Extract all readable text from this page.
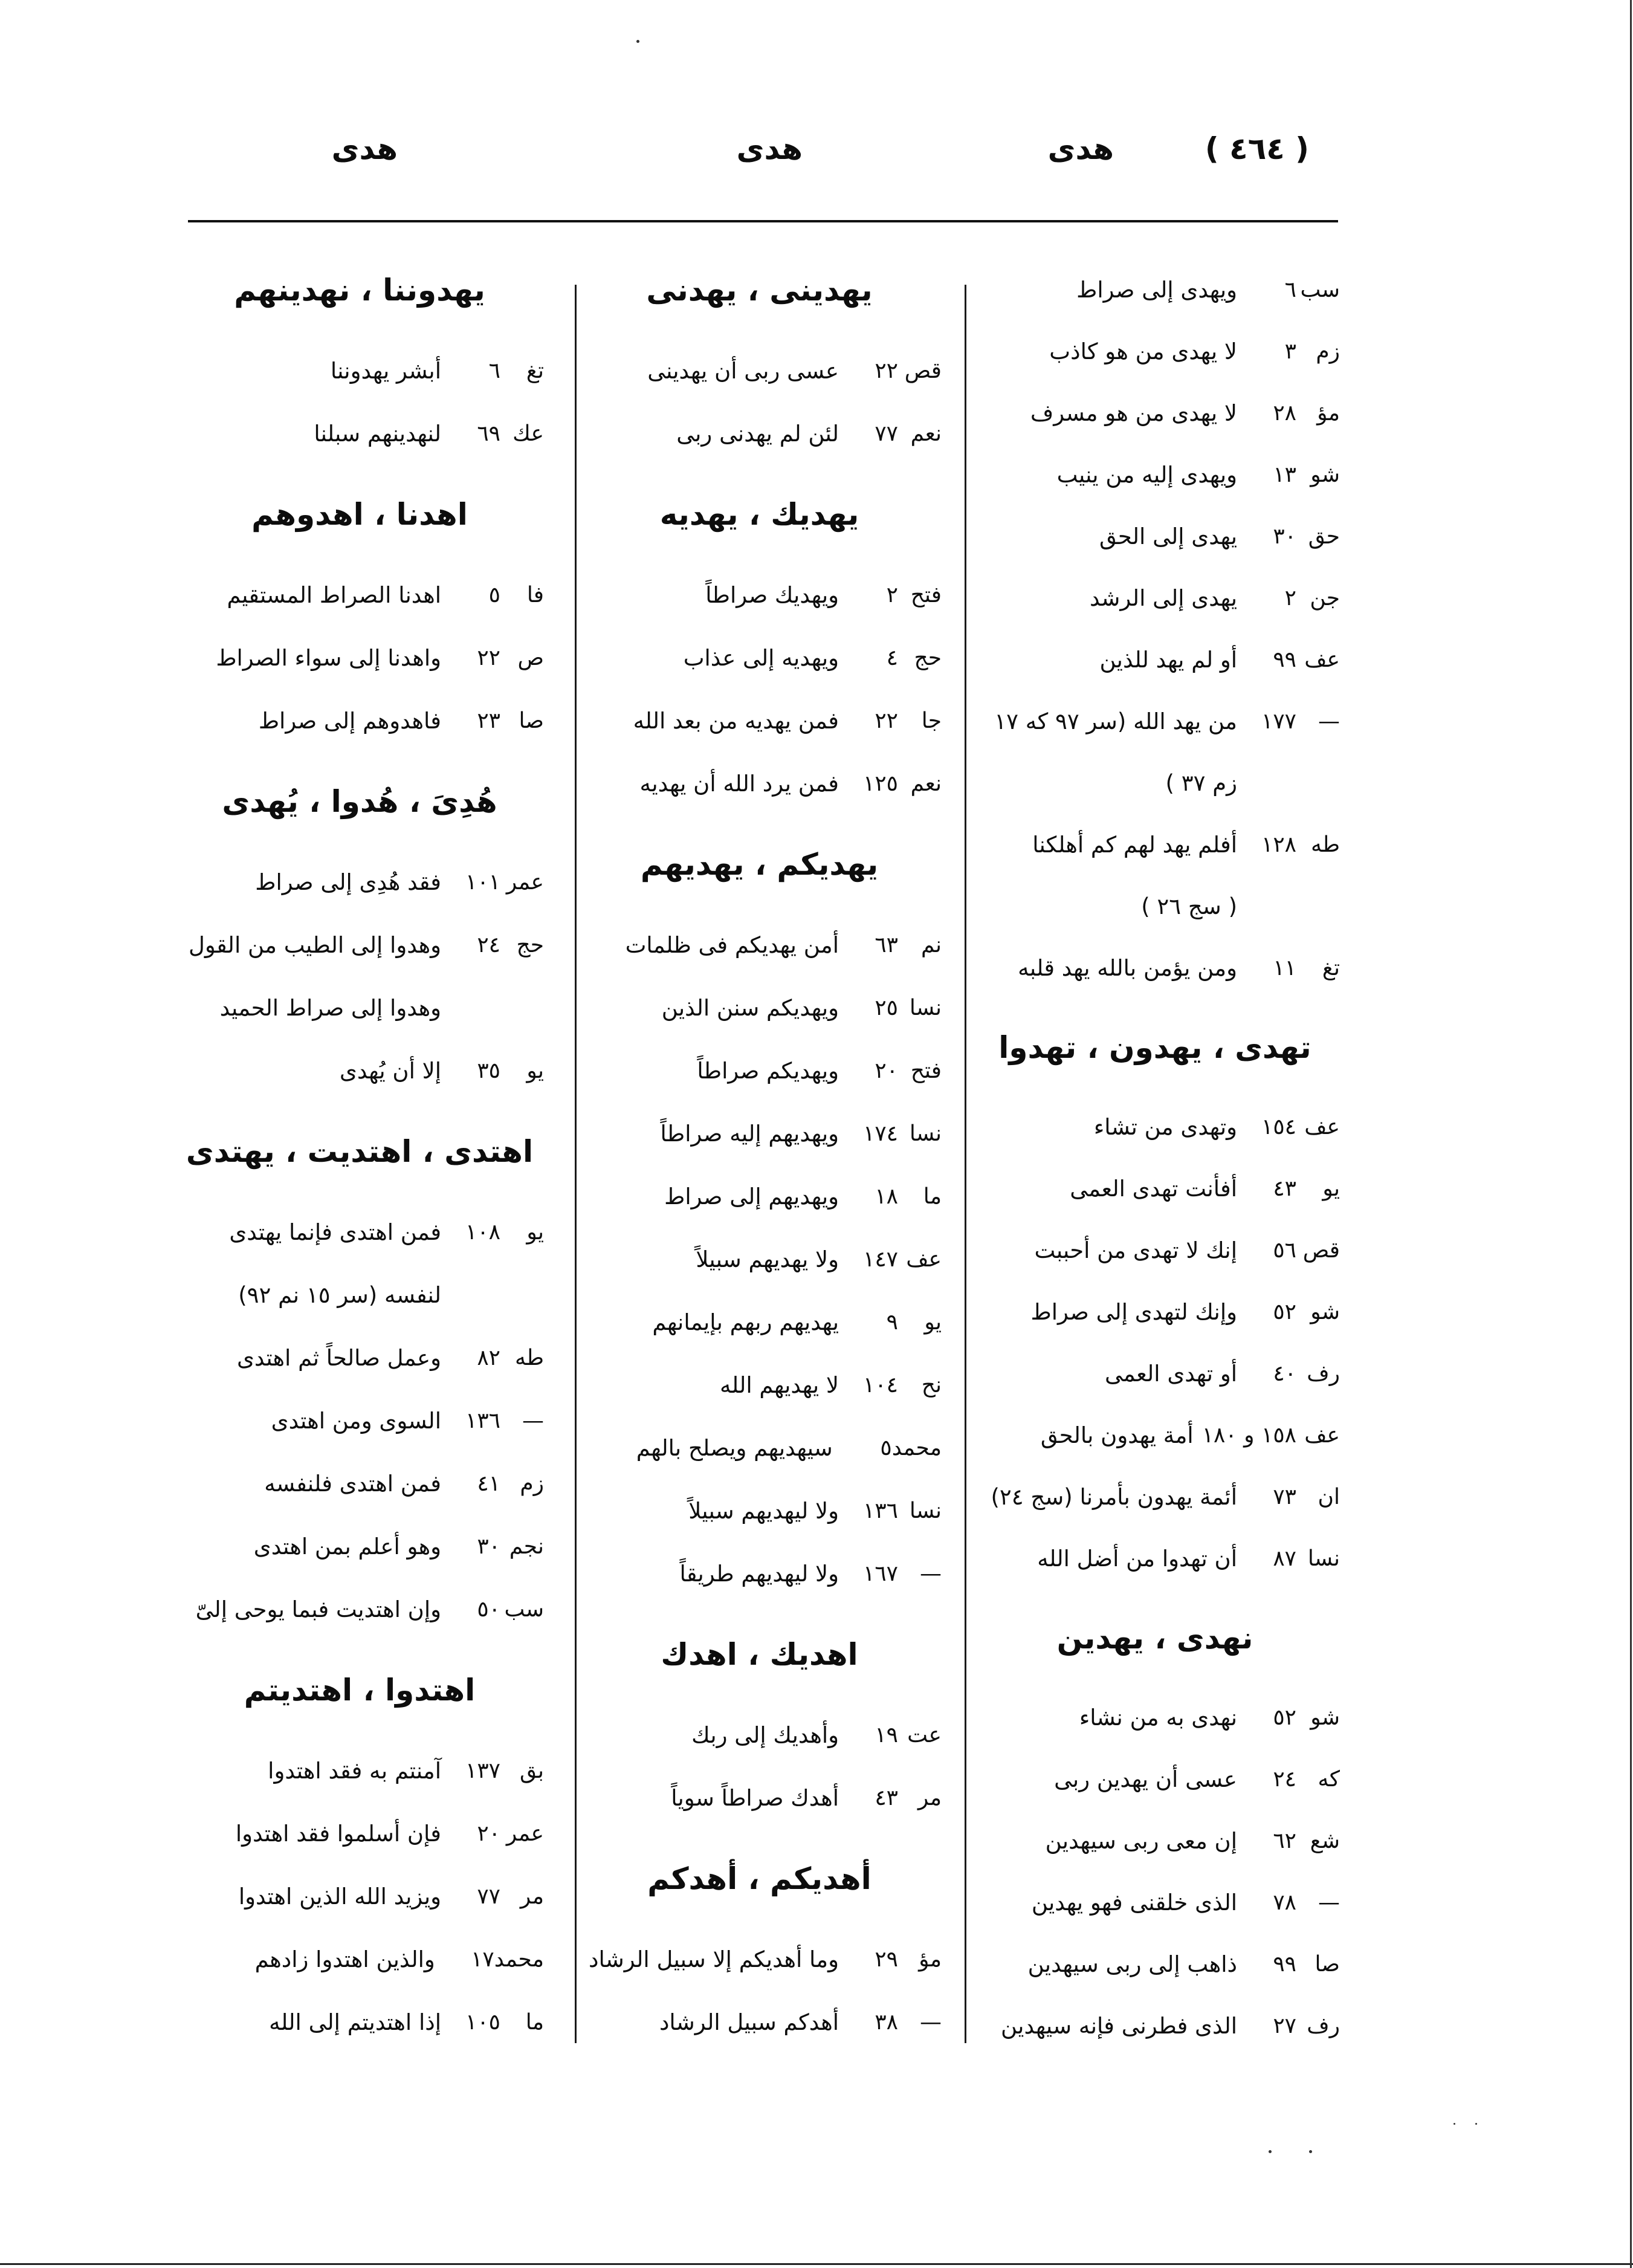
( ٤٦٤ )
هدى
هدى
هدى
سب
٦
ويهدى إلى صراط
زم
٣
لا يهدى من هو كاذب
مؤ
٢٨
لا يهدى من هو مسرف
شو
١٣
ويهدى إليه من ينيب
حق
٣٠
يهدى إلى الحق
جن
٢
يهدى إلى الرشد
عف
٩٩
أو لم يهد للذين
—
١٧٧
من يهد الله (سر ٩٧ كه ١٧
زم ٣٧ )
طه
١٢٨
أفلم يهد لهم كم أهلكنا
( سج ٢٦ )
تغ
١١
ومن يؤمن بالله يهد قلبه
تهدى ، يهدون ، تهدوا
عف
١٥٤
وتهدى من تشاء
يو
٤٣
أفأنت تهدى العمى
قص
٥٦
إنك لا تهدى من أحببت
شو
٥٢
وإنك لتهدى إلى صراط
رف
٤٠
أو تهدى العمى
عف
١٥٨ و ١٨٠
أمة يهدون بالحق
ان
٧٣
أئمة يهدون بأمرنا (سج ٢٤)
نسا
٨٧
أن تهدوا من أضل الله
نهدى ، يهدين
شو
٥٢
نهدى به من نشاء
كه
٢٤
عسى أن يهدين ربى
شع
٦٢
إن معى ربى سيهدين
—
٧٨
الذى خلقنى فهو يهدين
صا
٩٩
ذاهب إلى ربى سيهدين
رف
٢٧
الذى فطرنى فإنه سيهدين
يهدينى ، يهدنى
قص
٢٢
عسى ربى أن يهدينى
نعم
٧٧
لئن لم يهدنى ربى
يهديك ، يهديه
فتح
٢
ويهديك صراطاً
حج
٤
ويهديه إلى عذاب
جا
٢٢
فمن يهديه من بعد الله
نعم
١٢٥
فمن يرد الله أن يهديه
يهديكم ، يهديهم
نم
٦٣
أمن يهديكم فى ظلمات
نسا
٢٥
ويهديكم سنن الذين
فتح
٢٠
ويهديكم صراطاً
نسا
١٧٤
ويهديهم إليه صراطاً
ما
١٨
ويهديهم إلى صراط
عف
١٤٧
ولا يهديهم سبيلاً
يو
٩
يهديهم ربهم بإيمانهم
نح
١٠٤
لا يهديهم الله
محمد
٥
سيهديهم ويصلح بالهم
نسا
١٣٦
ولا ليهديهم سبيلاً
—
١٦٧
ولا ليهديهم طريقاً
اهديك ، اهدك
عت
١٩
وأهديك إلى ربك
مر
٤٣
أهدك صراطاً سوياً
أهديكم ، أهدكم
مؤ
٢٩
وما أهديكم إلا سبيل الرشاد
—
٣٨
أهدكم سبيل الرشاد
يهدوننا ، نهدينهم
تغ
٦
أبشر يهدوننا
عك
٦٩
لنهدينهم سبلنا
اهدنا ، اهدوهم
فا
٥
اهدنا الصراط المستقيم
ص
٢٢
واهدنا إلى سواء الصراط
صا
٢٣
فاهدوهم إلى صراط
هُدِىَ ، هُدوا ، يُهدى
عمر
١٠١
فقد هُدِى إلى صراط
حج
٢٤
وهدوا إلى الطيب من القول
وهدوا إلى صراط الحميد
يو
٣٥
إلا أن يُهدى
اهتدى ، اهتديت ، يهتدى
يو
١٠٨
فمن اهتدى فإنما يهتدى
لنفسه (سر ١٥ نم ٩٢)
طه
٨٢
وعمل صالحاً ثم اهتدى
—
١٣٦
السوى ومن اهتدى
زم
٤١
فمن اهتدى فلنفسه
نجم
٣٠
وهو أعلم بمن اهتدى
سب
٥٠
وإن اهتديت فبما يوحى إلىّ
اهتدوا ، اهتديتم
بق
١٣٧
آمنتم به فقد اهتدوا
عمر
٢٠
فإن أسلموا فقد اهتدوا
مر
٧٧
ويزيد الله الذين اهتدوا
محمد
١٧
والذين اهتدوا زادهم
ما
١٠٥
إذا اهتديتم إلى الله
